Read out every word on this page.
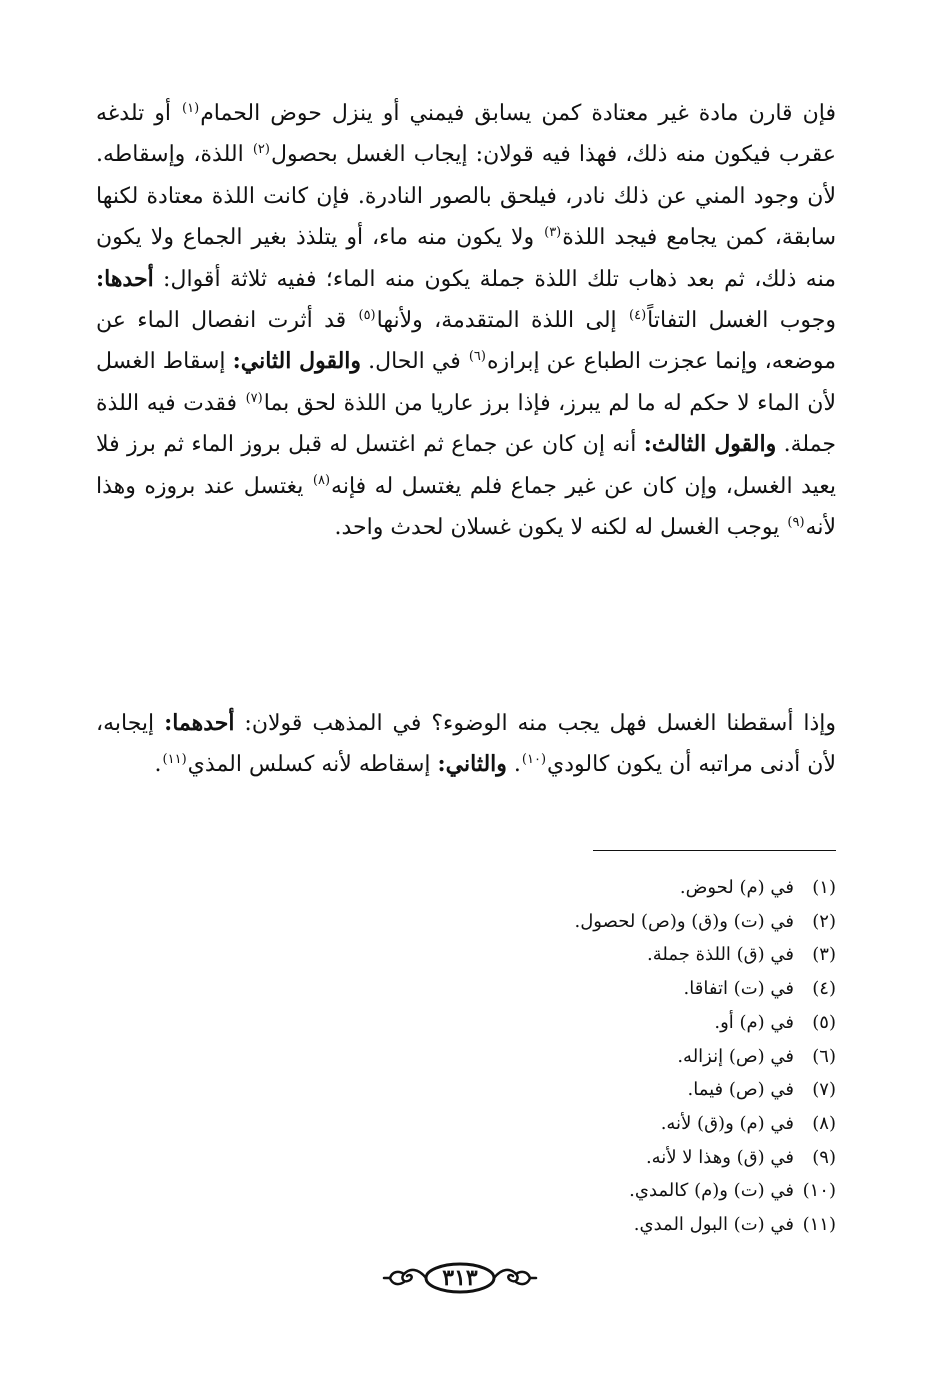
فإن قارن مادة غير معتادة كمن يسابق فيمني أو ينزل حوض الحمام$^{(١)}$ أو تلدغه عقرب فيكون منه ذلك، فهذا فيه قولان: إيجاب الغسل بحصول$^{(٢)}$ اللذة، وإسقاطه. لأن وجود المني عن ذلك نادر، فيلحق بالصور النادرة. فإن كانت اللذة معتادة لكنها سابقة، كمن يجامع فيجد اللذة$^{(٣)}$ ولا يكون منه ماء، أو يتلذذ بغير الجماع ولا يكون منه ذلك، ثم بعد ذهاب تلك اللذة جملة يكون منه الماء؛ ففيه ثلاثة أقوال: أحدها: وجوب الغسل التفاتاً$^{(٤)}$ إلى اللذة المتقدمة، ولأنها$^{(٥)}$ قد أثرت انفصال الماء عن موضعه، وإنما عجزت الطباع عن إبرازه$^{(٦)}$ في الحال. والقول الثاني: إسقاط الغسل لأن الماء لا حكم له ما لم يبرز، فإذا برز عاريا من اللذة لحق بما$^{(٧)}$ فقدت فيه اللذة جملة. والقول الثالث: أنه إن كان عن جماع ثم اغتسل له قبل بروز الماء ثم برز فلا يعيد الغسل، وإن كان عن غير جماع فلم يغتسل له فإنه$^{(٨)}$ يغتسل عند بروزه وهذا لأنه$^{(٩)}$ يوجب الغسل له لكنه لا يكون غسلان لحدث واحد.

وإذا أسقطنا الغسل فهل يجب منه الوضوء؟ في المذهب قولان: أحدهما: إيجابه، لأن أدنى مراتبه أن يكون كالودي$^{(١٠)}$. والثاني: إسقاطه لأنه كسلس المذي$^{(١١)}$.

(١)في (م) لحوض.
(٢)في (ت) و(ق) و(ص) لحصول.
(٣)في (ق) اللذة جملة.
(٤)في (ت) اتفاقا.
(٥)في (م) أو.
(٦)في (ص) إنزاله.
(٧)في (ص) فيما.
(٨)في (م) و(ق) لأنه.
(٩)في (ق) وهذا لا لأنه.
(١٠)في (ت) و(م) كالمدي.
(١١)في (ت) البول المدي.
٣١٣
